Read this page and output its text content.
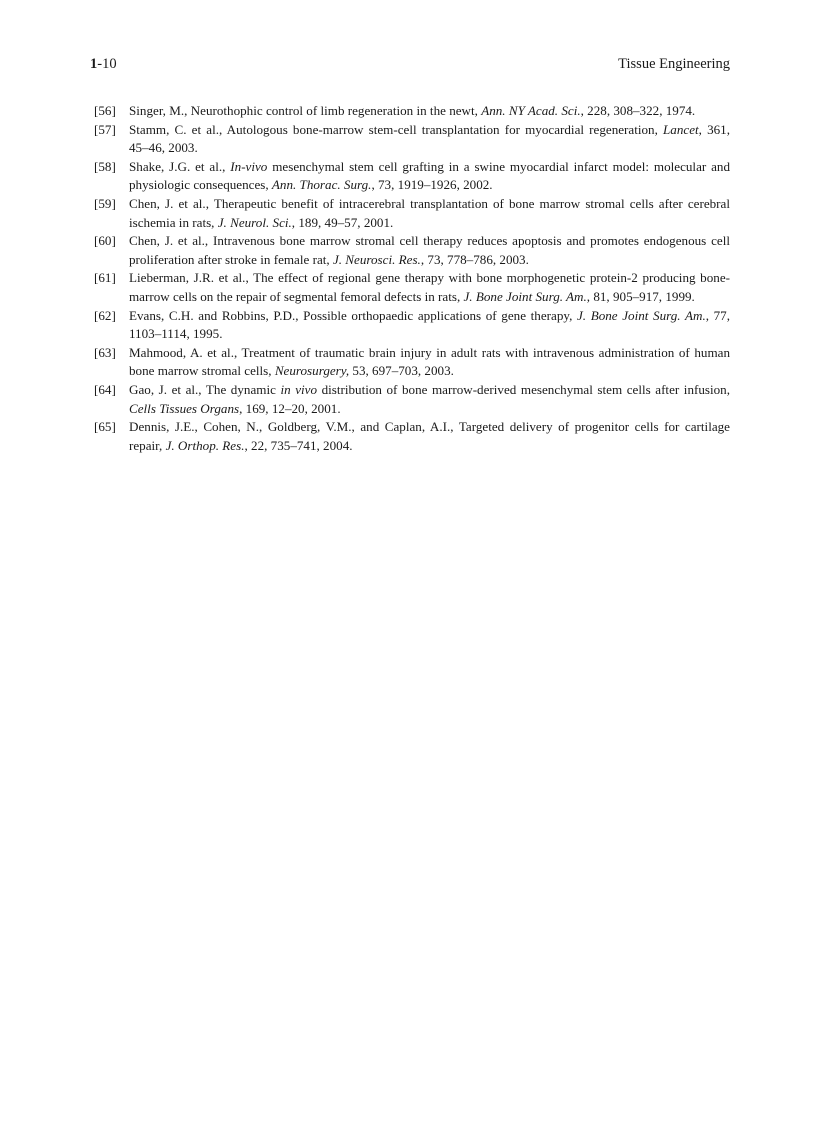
1-10	Tissue Engineering
[56] Singer, M., Neurothophic control of limb regeneration in the newt, Ann. NY Acad. Sci., 228, 308–322, 1974.
[57] Stamm, C. et al., Autologous bone-marrow stem-cell transplantation for myocardial regeneration, Lancet, 361, 45–46, 2003.
[58] Shake, J.G. et al., In-vivo mesenchymal stem cell grafting in a swine myocardial infarct model: molecular and physiologic consequences, Ann. Thorac. Surg., 73, 1919–1926, 2002.
[59] Chen, J. et al., Therapeutic benefit of intracerebral transplantation of bone marrow stromal cells after cerebral ischemia in rats, J. Neurol. Sci., 189, 49–57, 2001.
[60] Chen, J. et al., Intravenous bone marrow stromal cell therapy reduces apoptosis and promotes endogenous cell proliferation after stroke in female rat, J. Neurosci. Res., 73, 778–786, 2003.
[61] Lieberman, J.R. et al., The effect of regional gene therapy with bone morphogenetic protein-2 producing bone-marrow cells on the repair of segmental femoral defects in rats, J. Bone Joint Surg. Am., 81, 905–917, 1999.
[62] Evans, C.H. and Robbins, P.D., Possible orthopaedic applications of gene therapy, J. Bone Joint Surg. Am., 77, 1103–1114, 1995.
[63] Mahmood, A. et al., Treatment of traumatic brain injury in adult rats with intravenous administration of human bone marrow stromal cells, Neurosurgery, 53, 697–703, 2003.
[64] Gao, J. et al., The dynamic in vivo distribution of bone marrow-derived mesenchymal stem cells after infusion, Cells Tissues Organs, 169, 12–20, 2001.
[65] Dennis, J.E., Cohen, N., Goldberg, V.M., and Caplan, A.I., Targeted delivery of progenitor cells for cartilage repair, J. Orthop. Res., 22, 735–741, 2004.
